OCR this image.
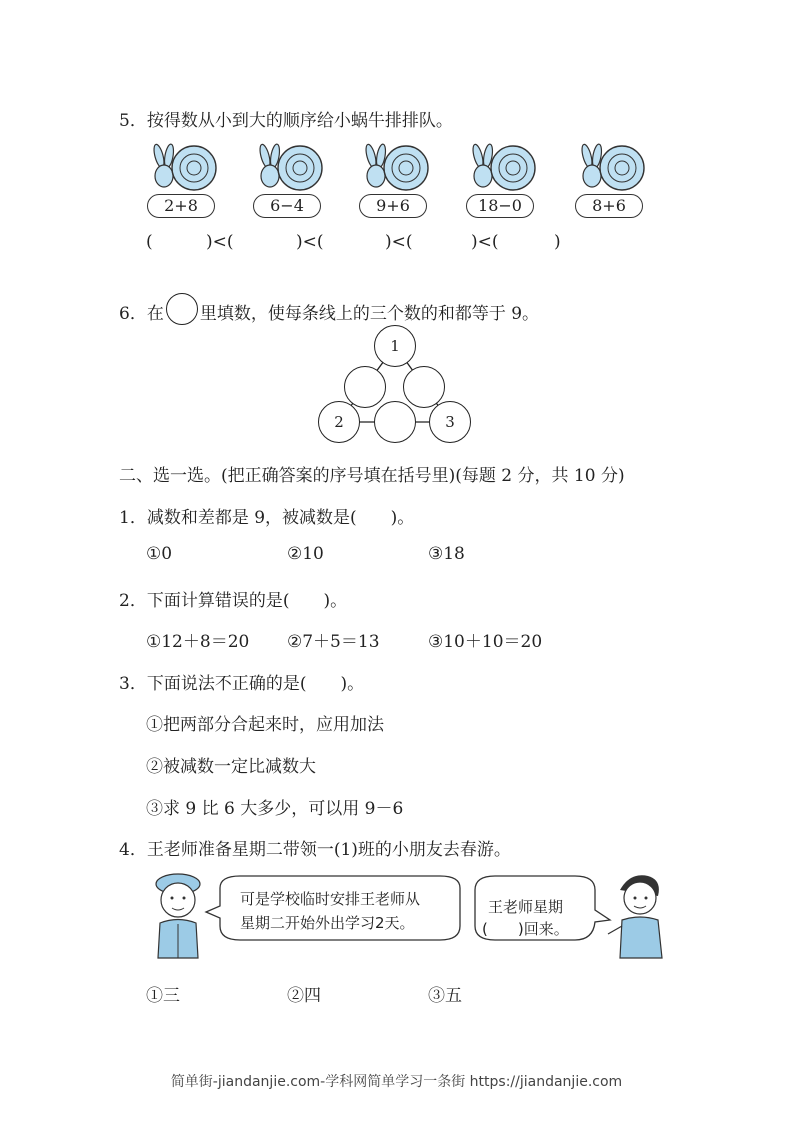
5．按得数从小到大的顺序给小蜗牛排排队。
2+8	6−4	9+6	18−0	8+6
(	)<(	)<(	)<(	)<(	)
6．在 里填数，使每条线上的三个数的和都等于 9。
1
2	3
二、选一选。(把正确答案的序号填在括号里)(每题 2 分，共 10 分)
1．减数和差都是 9，被减数是(　　)。
①0	②10	③18
2．下面计算错误的是(　　)。
①12＋8＝20 ②7＋5＝13	③10＋10＝20
3．下面说法不正确的是(　　)。
①把两部分合起来时，应用加法
②被减数一定比减数大
③求 9 比 6 大多少，可以用 9－6
4．王老师准备星期二带领一(1)班的小朋友去春游。
可是学校临时安排王老师从
星期二开始外出学习2天。
王老师星期
(　　)回来。
①三	②四	③五
简单街-jiandanjie.com-学科网简单学习一条街 https://jiandanjie.com
